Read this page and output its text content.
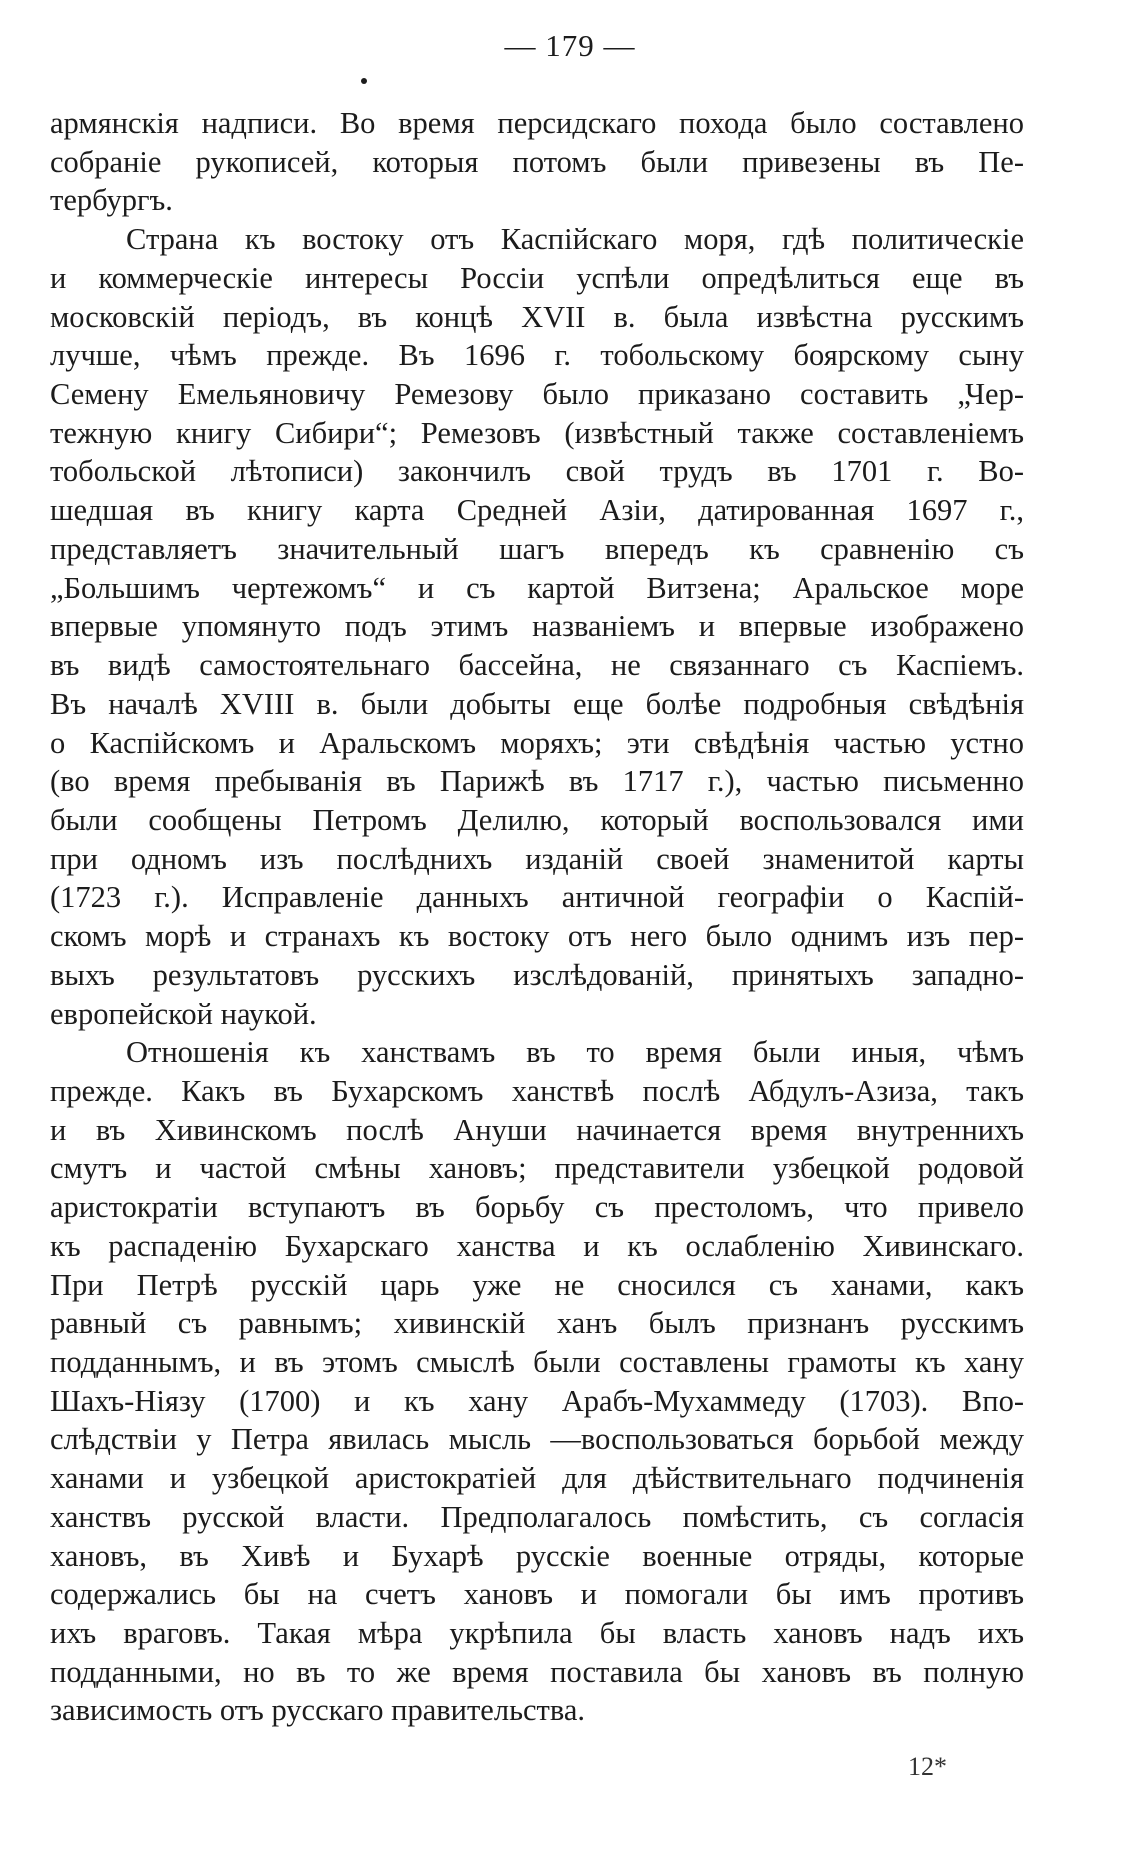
— 179 —
армянскія надписи. Во время персидскаго похода было составлено
собраніе рукописей, которыя потомъ были привезены въ Пе-
тербургъ.
Страна къ востоку отъ Каспійскаго моря, гдѣ политическіе
и коммерческіе интересы Россіи успѣли опредѣлиться еще въ
московскій періодъ, въ концѣ XVII в. была извѣстна русскимъ
лучше, чѣмъ прежде. Въ 1696 г. тобольскому боярскому сыну
Семену Емельяновичу Ремезову было приказано составить „Чер-
тежную книгу Сибири“; Ремезовъ (извѣстный также составленіемъ
тобольской лѣтописи) закончилъ свой трудъ въ 1701 г. Во-
шедшая въ книгу карта Средней Азіи, датированная 1697 г.,
представляетъ значительный шагъ впередъ къ сравненію съ
„Большимъ чертежомъ“ и съ картой Витзена; Аральское море
впервые упомянуто подъ этимъ названіемъ и впервые изображено
въ видѣ самостоятельнаго бассейна, не связаннаго съ Каспіемъ.
Въ началѣ XVIII в. были добыты еще болѣе подробныя свѣдѣнія
о Каспійскомъ и Аральскомъ моряхъ; эти свѣдѣнія частью устно
(во время пребыванія въ Парижѣ въ 1717 г.), частью письменно
были сообщены Петромъ Делилю, который воспользовался ими
при одномъ изъ послѣднихъ изданій своей знаменитой карты
(1723 г.). Исправленіе данныхъ античной географіи о Каспій-
скомъ морѣ и странахъ къ востоку отъ него было однимъ изъ пер-
выхъ результатовъ русскихъ изслѣдованій, принятыхъ западно-
европейской наукой.
Отношенія къ ханствамъ въ то время были иныя, чѣмъ
прежде. Какъ въ Бухарскомъ ханствѣ послѣ Абдулъ-Азиза, такъ
и въ Хивинскомъ послѣ Ануши начинается время внутреннихъ
смутъ и частой смѣны хановъ; представители узбецкой родовой
аристократіи вступаютъ въ борьбу съ престоломъ, что привело
къ распаденію Бухарскаго ханства и къ ослабленію Хивинскаго.
При Петрѣ русскій царь уже не сносился съ ханами, какъ
равный съ равнымъ; хивинскій ханъ былъ признанъ русскимъ
подданнымъ, и въ этомъ смыслѣ были составлены грамоты къ хану
Шахъ-Ніязу (1700) и къ хану Арабъ-Мухаммеду (1703). Впо-
слѣдствіи у Петра явилась мысль —воспользоваться борьбой между
ханами и узбецкой аристократіей для дѣйствительнаго подчиненія
ханствъ русской власти. Предполагалось помѣстить, съ согласія
хановъ, въ Хивѣ и Бухарѣ русскіе военные отряды, которые
содержались бы на счетъ хановъ и помогали бы имъ противъ
ихъ враговъ. Такая мѣра укрѣпила бы власть хановъ надъ ихъ
подданными, но въ то же время поставила бы хановъ въ полную
зависимость отъ русскаго правительства.
12*
